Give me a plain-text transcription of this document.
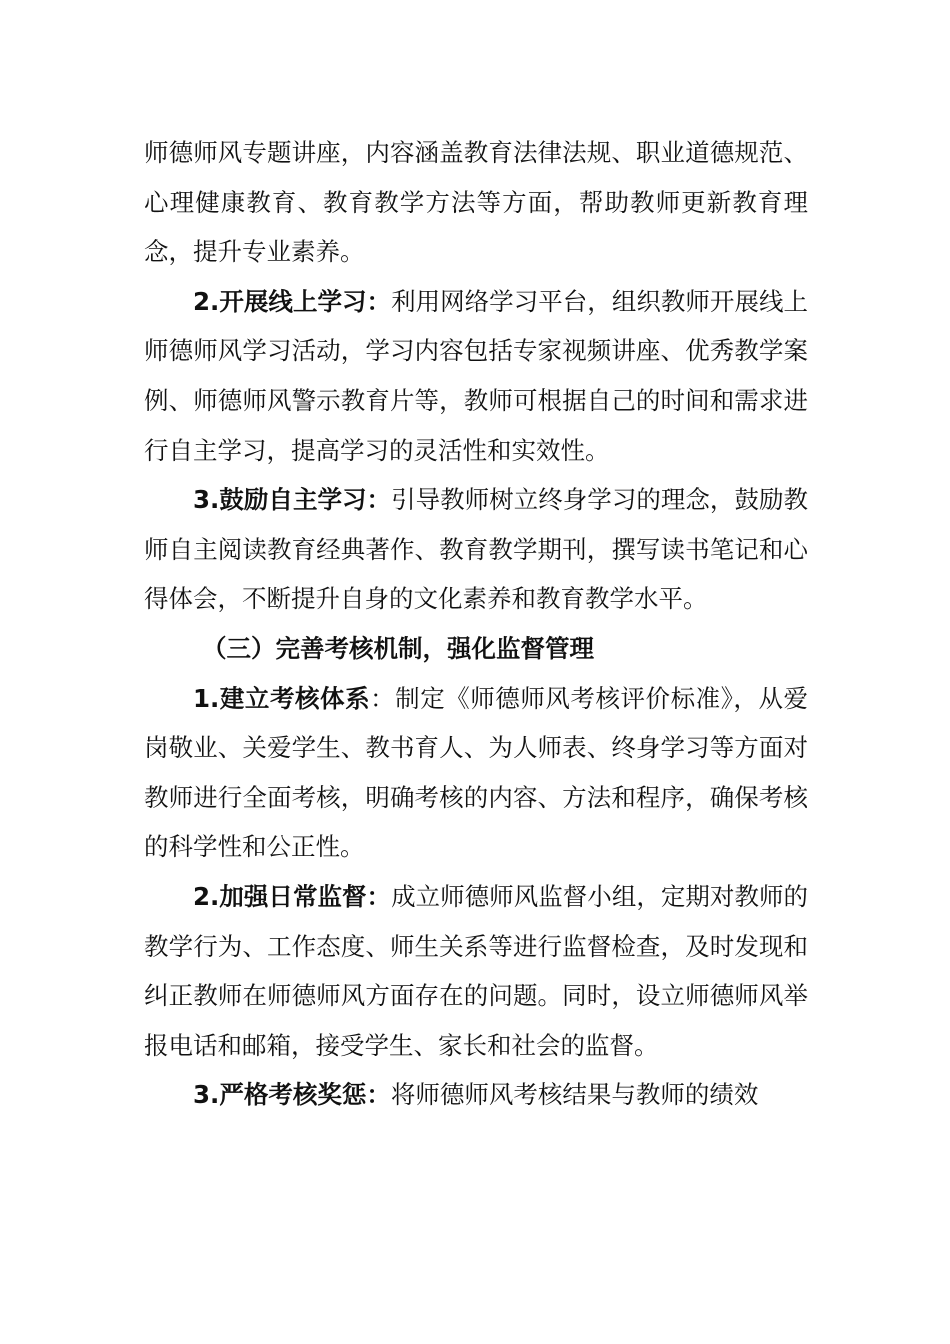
师德师风专题讲座，内容涵盖教育法律法规、职业道德规范、心理健康教育、教育教学方法等方面，帮助教师更新教育理念，提升专业素养。

2.开展线上学习：利用网络学习平台，组织教师开展线上师德师风学习活动，学习内容包括专家视频讲座、优秀教学案例、师德师风警示教育片等，教师可根据自己的时间和需求进行自主学习，提高学习的灵活性和实效性。

3.鼓励自主学习：引导教师树立终身学习的理念，鼓励教师自主阅读教育经典著作、教育教学期刊，撰写读书笔记和心得体会，不断提升自身的文化素养和教育教学水平。

（三）完善考核机制，强化监督管理

1.建立考核体系：制定《师德师风考核评价标准》，从爱岗敬业、关爱学生、教书育人、为人师表、终身学习等方面对教师进行全面考核，明确考核的内容、方法和程序，确保考核的科学性和公正性。

2.加强日常监督：成立师德师风监督小组，定期对教师的教学行为、工作态度、师生关系等进行监督检查，及时发现和纠正教师在师德师风方面存在的问题。同时，设立师德师风举报电话和邮箱，接受学生、家长和社会的监督。

3.严格考核奖惩：将师德师风考核结果与教师的绩效
